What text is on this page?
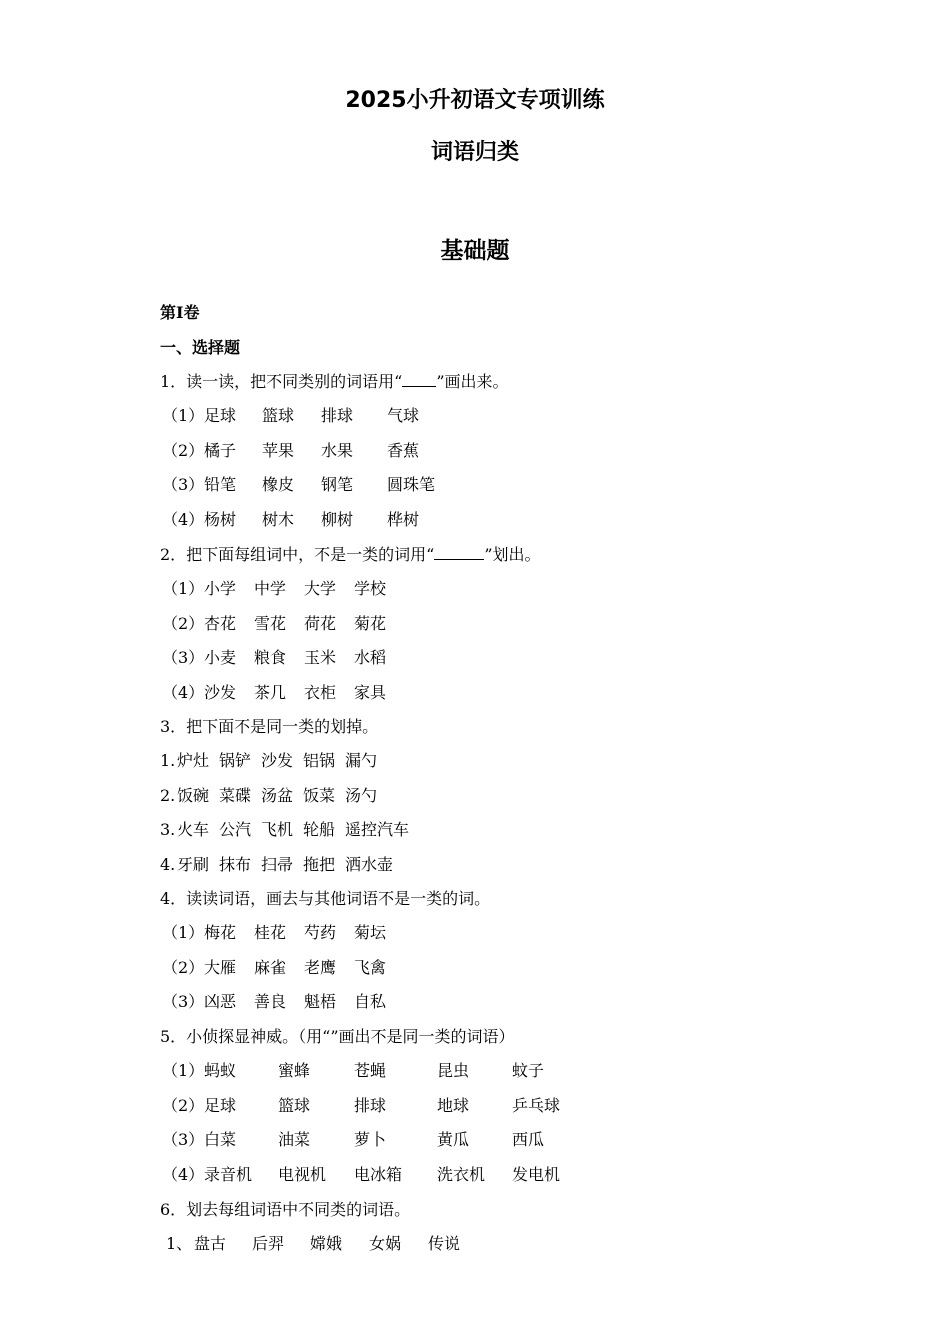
2025小升初语文专项训练
词语归类
基础题
第I卷
一、选择题
1．读一读，把不同类别的词语用“ ”画出来。
（1） 足球 篮球 排球 气球
（2） 橘子 苹果 水果 香蕉
（3） 铅笔 橡皮 钢笔 圆珠笔
（4） 杨树 树木 柳树 桦树
2．把下面每组词中，不是一类的词用“	”划出。
（1） 小学 中学 大学 学校
（2） 杏花 雪花 荷花 菊花
（3） 小麦 粮食 玉米 水稻
（4） 沙发 茶几 衣柜 家具
3．把下面不是同一类的划掉。
1. 炉灶 锅铲 沙发 铝锅 漏勺
2. 饭碗 菜碟 汤盆 饭菜 汤勺
3. 火车 公汽 飞机 轮船 遥控汽车
4. 牙刷 抹布 扫帚 拖把 洒水壶
4．读读词语，画去与其他词语不是一类的词。
（1） 梅花 桂花 芍药 菊坛
（2） 大雁 麻雀 老鹰 飞禽
（3） 凶恶 善良 魁梧 自私
5．小侦探显神威。（用“”画出不是同一类的词语）
（1） 蚂蚁	蜜蜂	苍蝇	昆虫	蚊子
（2） 足球	篮球	排球	地球	乒乓球
（3） 白菜	油菜	萝卜	黄瓜	西瓜
（4） 录音机 电视机 电冰箱 洗衣机 发电机
6．划去每组词语中不同类的词语。
1、 盘古 后羿 嫦娥 女娲 传说
